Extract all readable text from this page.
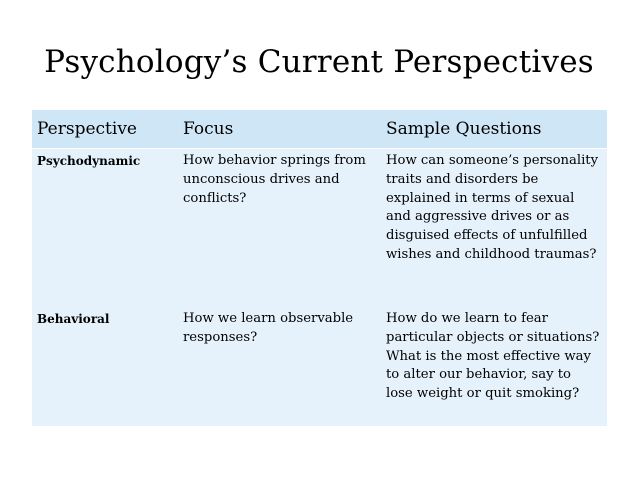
Psychology’s Current Perspectives
Perspective	Focus	Sample Questions
Psychodynamic	How behavior springs from unconscious drives and conflicts?	How can someone’s personality traits and disorders be explained in terms of sexual and aggressive drives or as disguised effects of unfulfilled wishes and childhood traumas?
Behavioral	How we learn observable responses?	How do we learn to fear particular objects or situations? What is the most effective way to alter our behavior, say to lose weight or quit smoking?
